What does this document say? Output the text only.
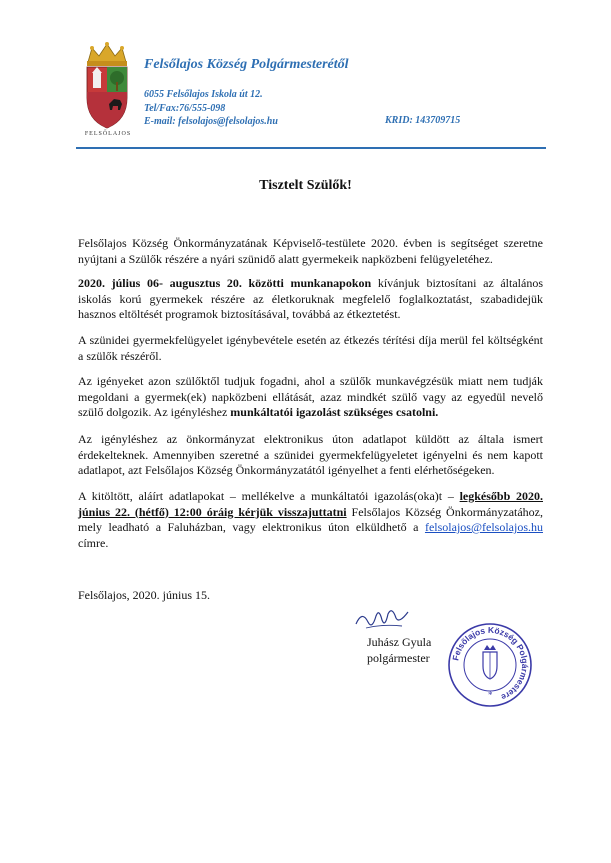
FELSŐLAJOS
Felsőlajos Község Polgármesterétől
6055 Felsőlajos Iskola út 12.
Tel/Fax:76/555-098
E-mail: felsolajos@felsolajos.hu	KRID: 143709715
Tisztelt Szülők!
Felsőlajos Község Önkormányzatának Képviselő-testülete 2020. évben is segítséget szeretne nyújtani a Szülők részére a nyári szünidő alatt gyermekeik napközbeni felügyeletéhez.
2020. július 06- augusztus 20. közötti munkanapokon kívánjuk biztosítani az általános iskolás korú gyermekek részére az életkoruknak megfelelő foglalkoztatást, szabadidejük hasznos eltöltését programok biztosításával, továbbá az étkeztetést.
A szünidei gyermekfelügyelet igénybevétele esetén az étkezés térítési díja merül fel költségként a szülők részéről.
Az igényeket azon szülőktől tudjuk fogadni, ahol a szülők munkavégzésük miatt nem tudják megoldani a gyermek(ek) napközbeni ellátását, azaz mindkét szülő vagy az egyedül nevelő szülő dolgozik. Az igényléshez munkáltatói igazolást szükséges csatolni.
Az igényléshez az önkormányzat elektronikus úton adatlapot küldött az általa ismert érdekelteknek. Amennyiben szeretné a szünidei gyermekfelügyeletet igényelni és nem kapott adatlapot, azt Felsőlajos Község Önkormányzatától igényelhet a fenti elérhetőségeken.
A kitöltött, aláírt adatlapokat – mellékelve a munkáltatói igazolás(oka)t – legkésőbb 2020. június 22. (hétfő) 12:00 óráig kérjük visszajuttatni Felsőlajos Község Önkormányzatához, mely leadható a Faluházban, vagy elektronikus úton elküldhető a felsolajos@felsolajos.hu címre.
Felsőlajos, 2020. június 15.
Juhász Gyula
polgármester Felsőlajos Község Polgármestere
*
